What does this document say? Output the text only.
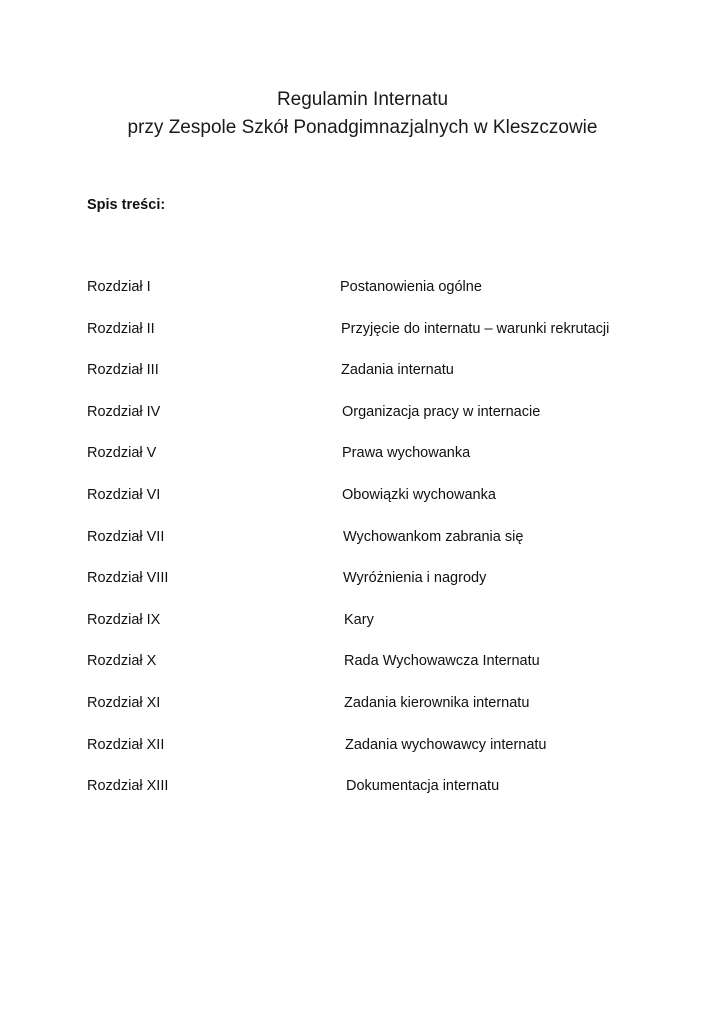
Regulamin Internatu
przy Zespole Szkół Ponadgimnazjalnych w Kleszczowie
Spis treści:
Rozdział I	Postanowienia ogólne
Rozdział II	Przyjęcie do internatu – warunki rekrutacji
Rozdział III	Zadania internatu
Rozdział IV	Organizacja pracy w internacie
Rozdział V	Prawa wychowanka
Rozdział VI	Obowiązki wychowanka
Rozdział VII	Wychowankom zabrania się
Rozdział VIII	Wyróżnienia i nagrody
Rozdział IX	Kary
Rozdział X	Rada Wychowawcza Internatu
Rozdział XI	Zadania kierownika internatu
Rozdział XII	Zadania wychowawcy internatu
Rozdział XIII	Dokumentacja internatu
